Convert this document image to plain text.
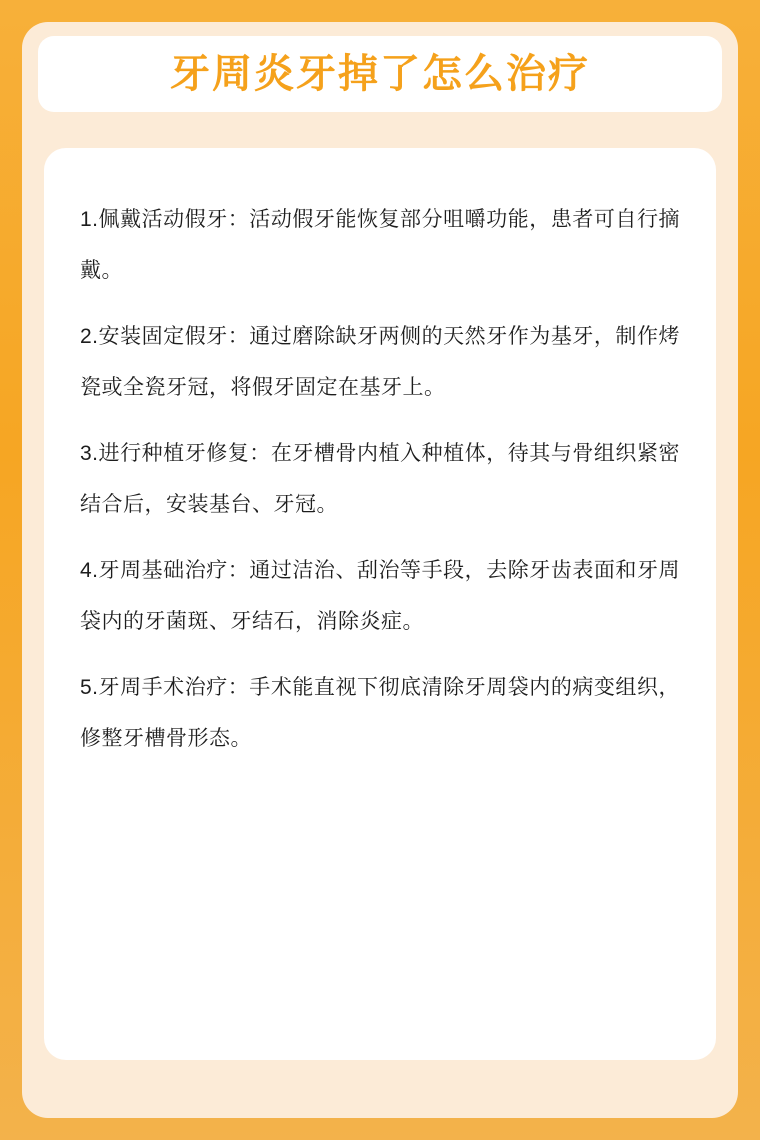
牙周炎牙掉了怎么治疗

1.佩戴活动假牙：活动假牙能恢复部分咀嚼功能，患者可自行摘戴。

2.安装固定假牙：通过磨除缺牙两侧的天然牙作为基牙，制作烤瓷或全瓷牙冠，将假牙固定在基牙上。

3.进行种植牙修复：在牙槽骨内植入种植体，待其与骨组织紧密结合后，安装基台、牙冠。

4.牙周基础治疗：通过洁治、刮治等手段，去除牙齿表面和牙周袋内的牙菌斑、牙结石，消除炎症。

5.牙周手术治疗：手术能直视下彻底清除牙周袋内的病变组织，修整牙槽骨形态。
